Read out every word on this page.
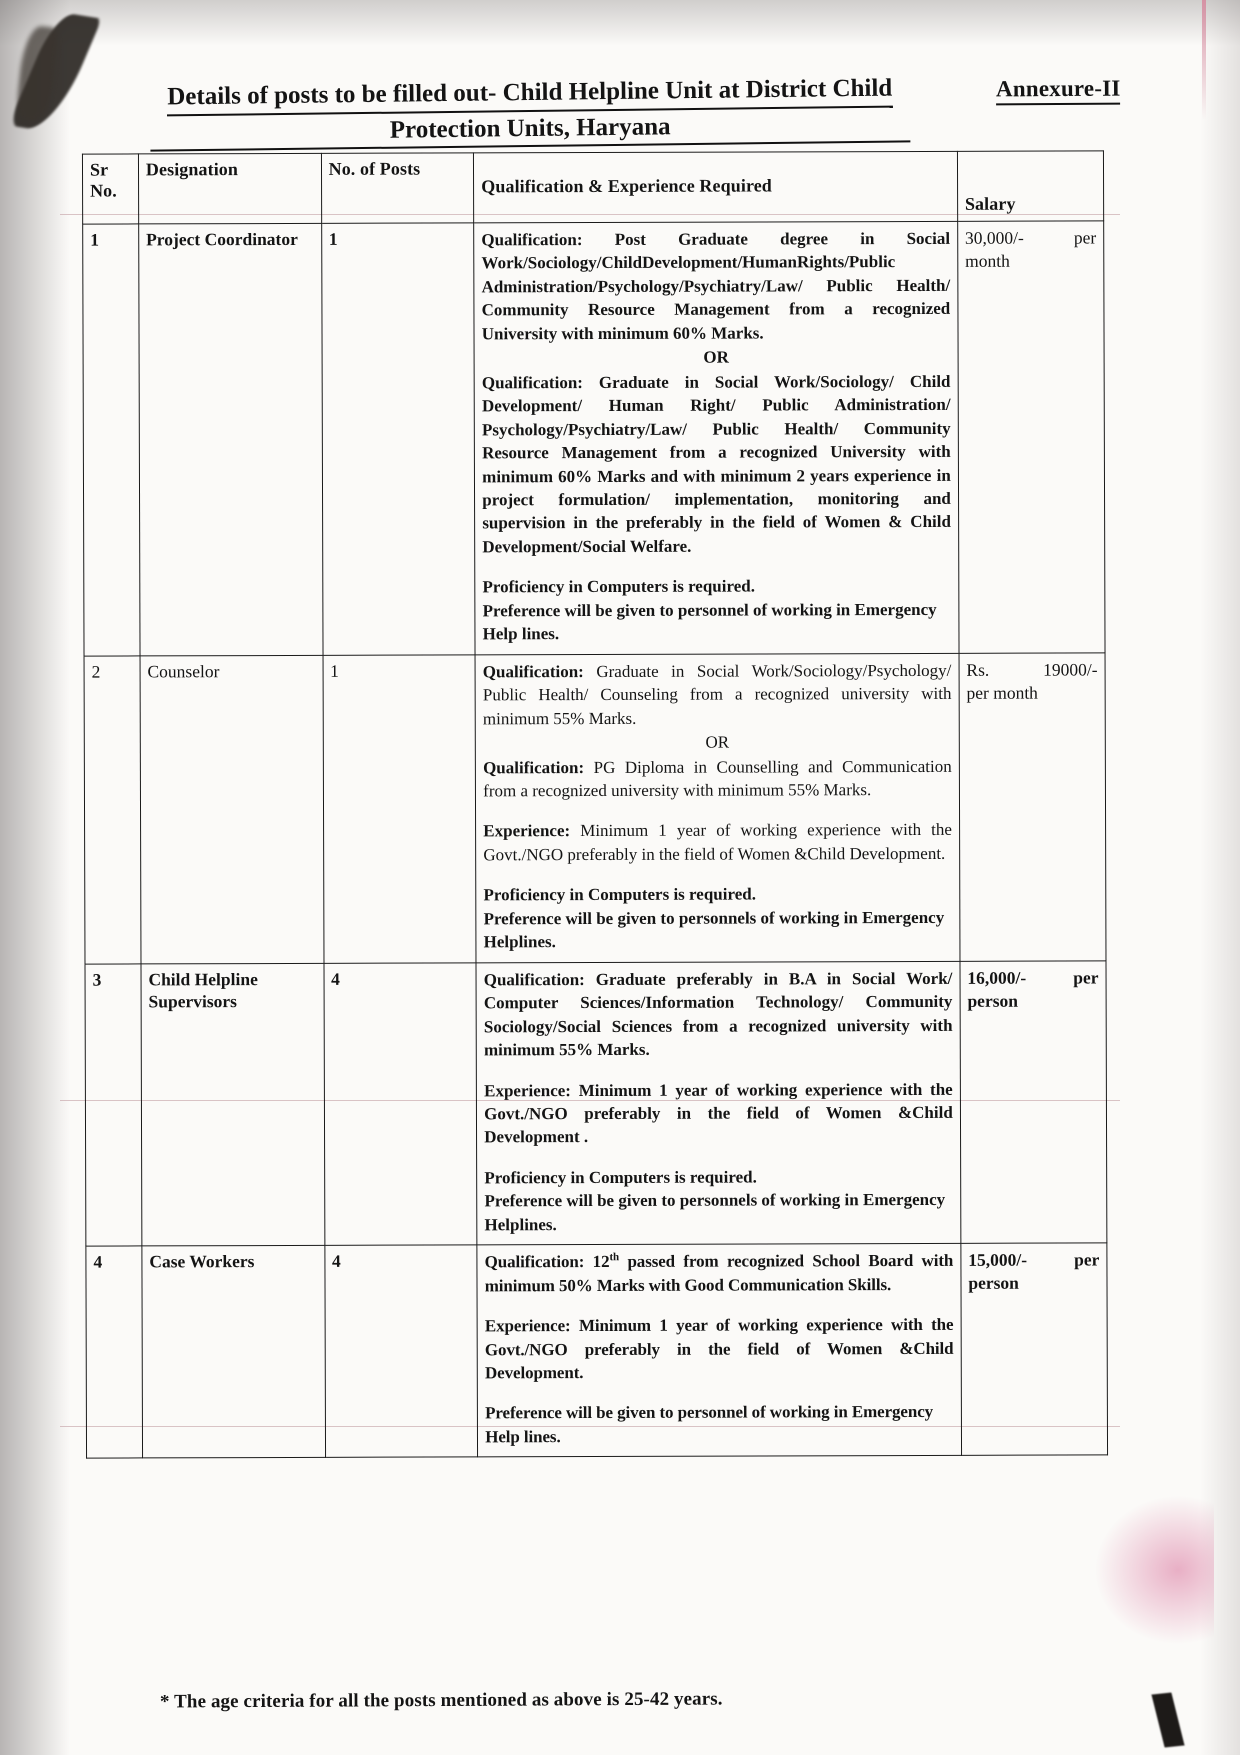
Annexure-II
Details of posts to be filled out- Child Helpline Unit at District Child
Protection Units, Haryana
Sr No.	Designation	No. of Posts	Qualification & Experience Required	Salary
1	Project Coordinator	1	Qualification: Post Graduate degree in Social Work/Sociology/ChildDevelopment/HumanRights/Public Administration/Psychology/Psychiatry/Law/ Public Health/ Community Resource Management from a recognized University with minimum 60% Marks.

OR

Qualification: Graduate in Social Work/Sociology/ Child Development/ Human Right/ Public Administration/ Psychology/Psychiatry/Law/ Public Health/ Community Resource Management from a recognized University with minimum 60% Marks and with minimum 2 years experience in project formulation/ implementation, monitoring and supervision in the preferably in the field of Women & Child Development/Social Welfare.

Proficiency in Computers is required.

Preference will be given to personnel of working in Emergency Help lines.

30,000/-	per
month

2	Counselor	1	Qualification: Graduate in Social Work/Sociology/Psychology/ Public Health/ Counseling from a recognized university with minimum 55% Marks.

OR

Qualification: PG Diploma in Counselling and Communication from a recognized university with minimum 55% Marks.

Experience: Minimum 1 year of working experience with the Govt./NGO preferably in the field of Women &Child Development.

Proficiency in Computers is required.

Preference will be given to personnels of working in Emergency Helplines.

Rs.	19000/-
per month

3	Child Helpline Supervisors	4	Qualification: Graduate preferably in B.A in Social Work/ Computer Sciences/Information Technology/ Community Sociology/Social Sciences from a recognized university with minimum 55% Marks.

Experience: Minimum 1 year of working experience with the Govt./NGO preferably in the field of Women &Child Development .

Proficiency in Computers is required.

Preference will be given to personnels of working in Emergency Helplines.

16,000/-	per
person

4	Case Workers	4	Qualification: 12th passed from recognized School Board with minimum 50% Marks with Good Communication Skills.

Experience: Minimum 1 year of working experience with the Govt./NGO preferably in the field of Women &Child Development.

Preference will be given to personnel of working in Emergency Help lines.

15,000/-	per
person
* The age criteria for all the posts mentioned as above is 25-42 years.
